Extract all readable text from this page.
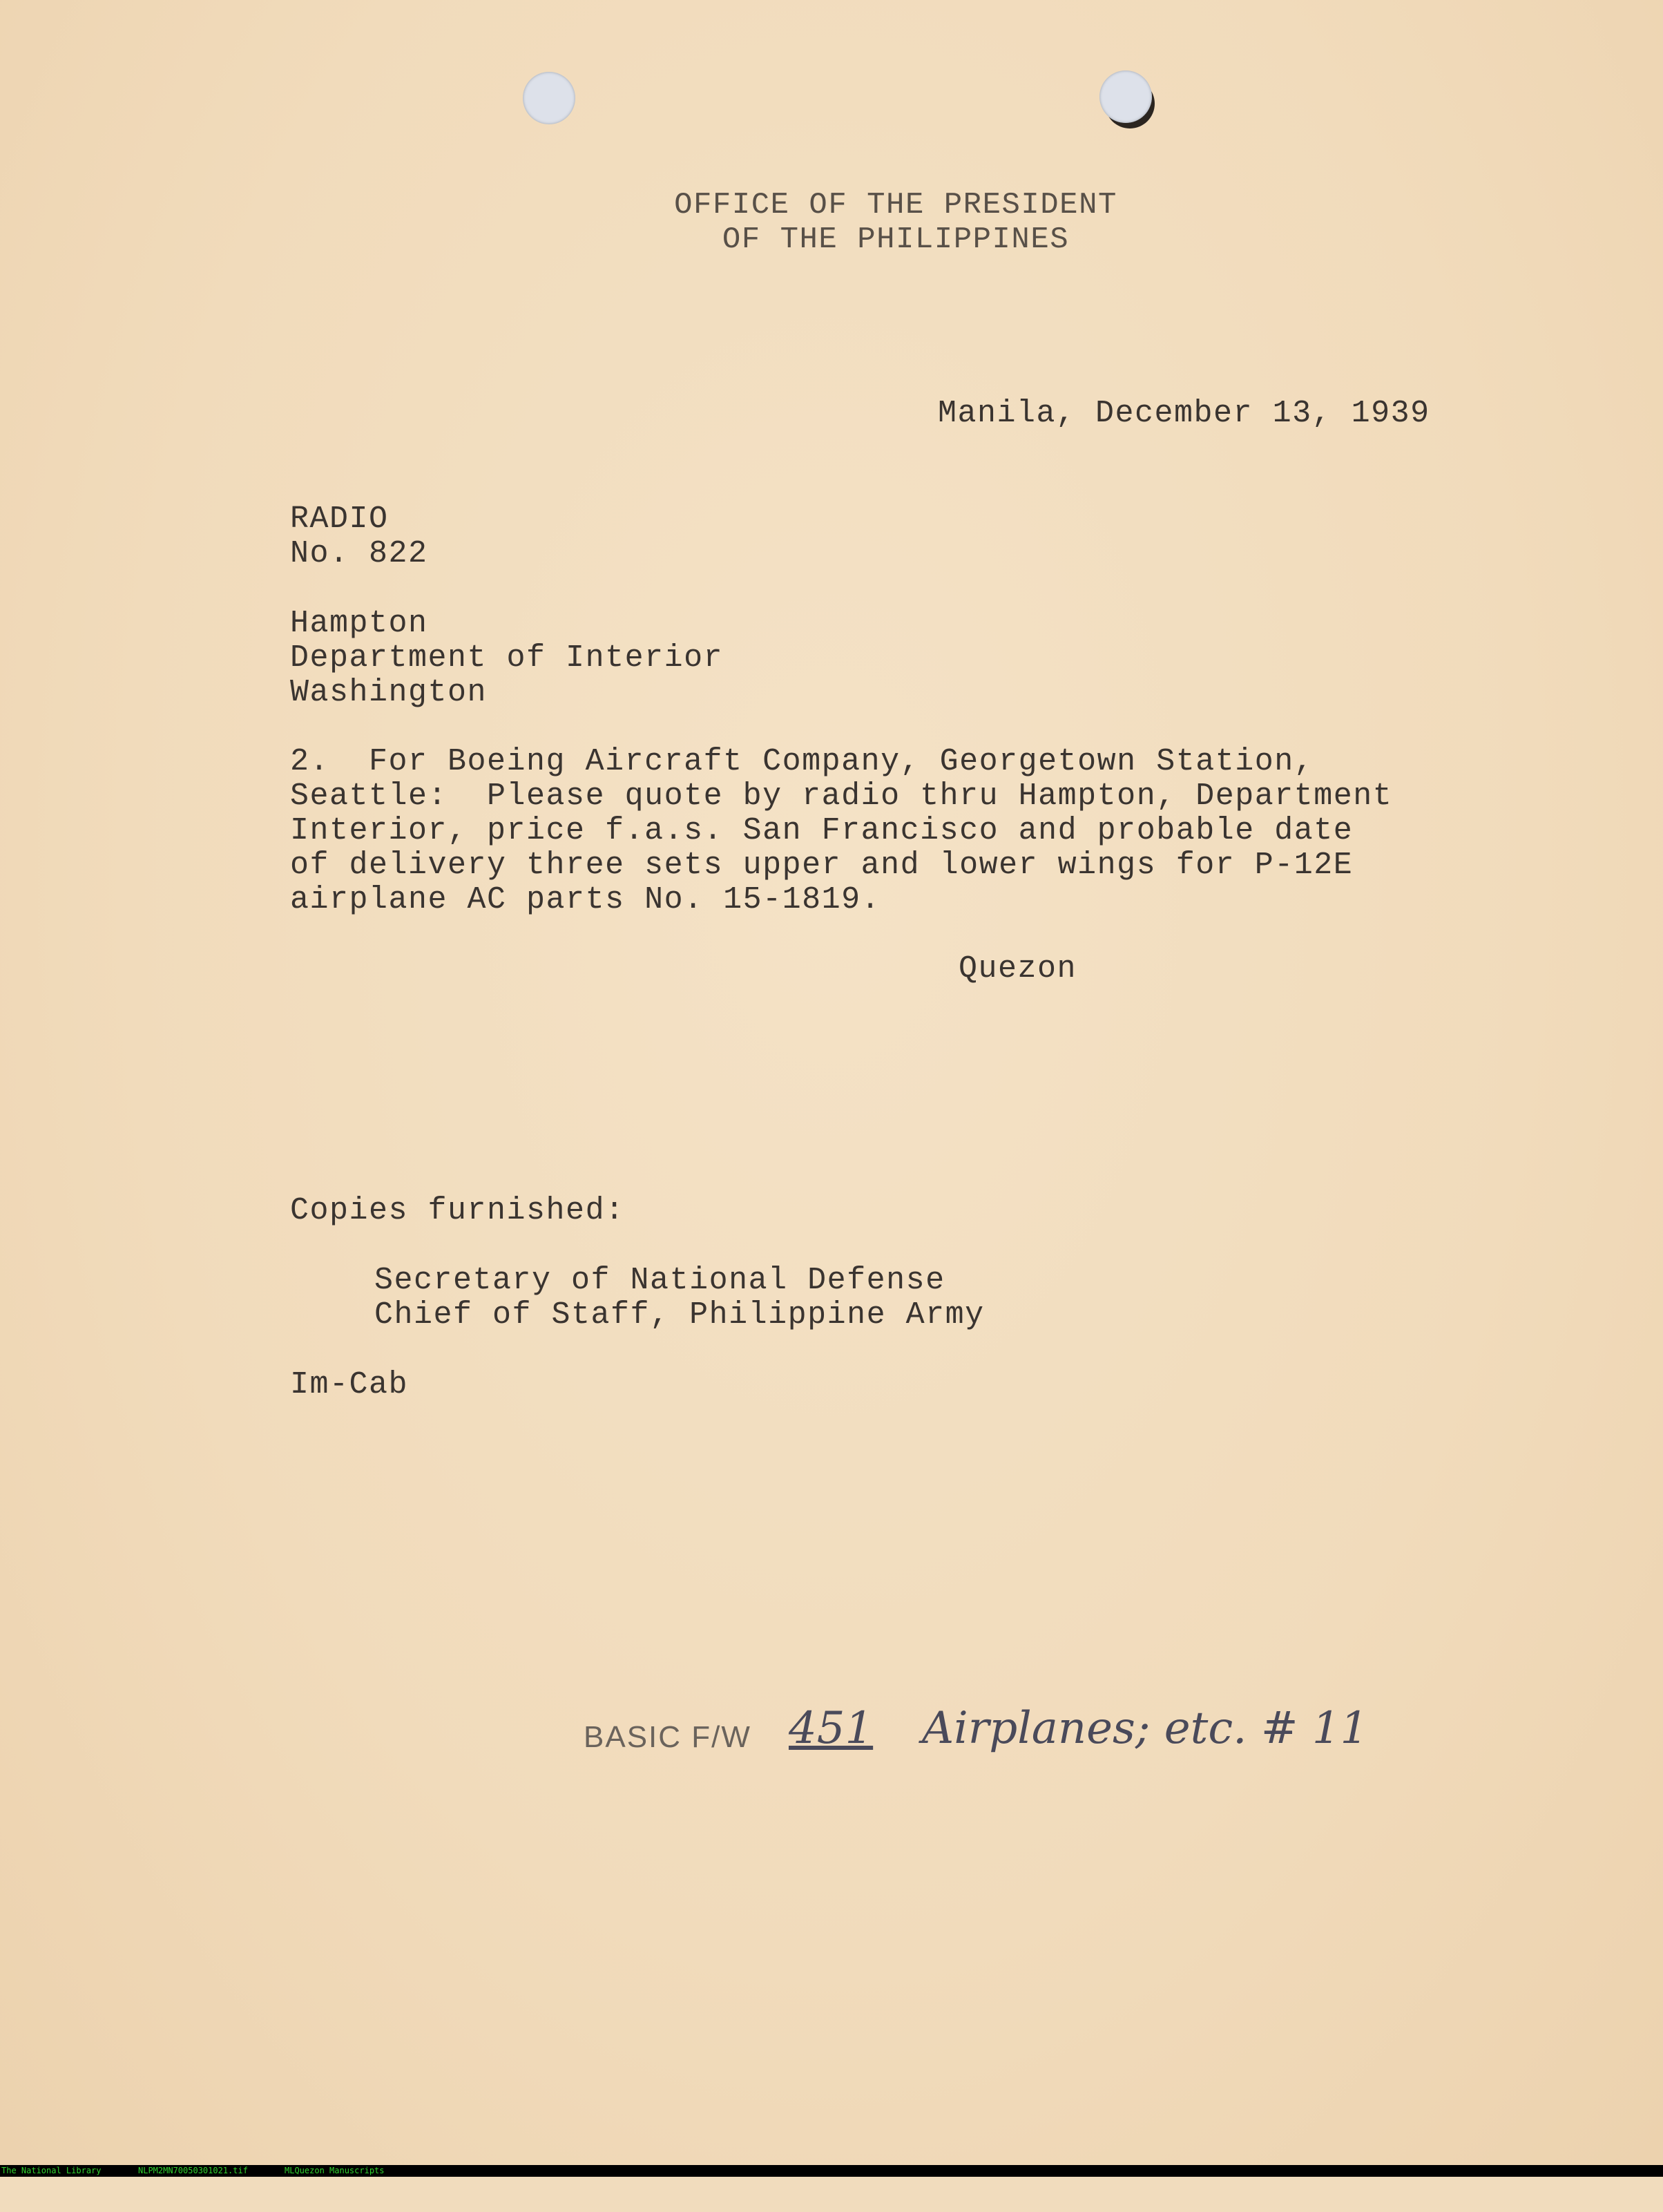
OFFICE OF THE PRESIDENT
OF THE PHILIPPINES
Manila, December 13, 1939
RADIO
No. 822
Hampton
Department of Interior
Washington
2.  For Boeing Aircraft Company, Georgetown Station,
Seattle:  Please quote by radio thru Hampton, Department
Interior, price f.a.s. San Francisco and probable date
of delivery three sets upper and lower wings for P-12E
airplane AC parts No. 15-1819.
Quezon
Copies furnished:
Secretary of National Defense
Chief of Staff, Philippine Army
Im-Cab
BASIC F/W 451 Airplanes; etc. # 11

The National Library

	NLPM2MN70050301021.tif

	MLQuezon Manuscripts
